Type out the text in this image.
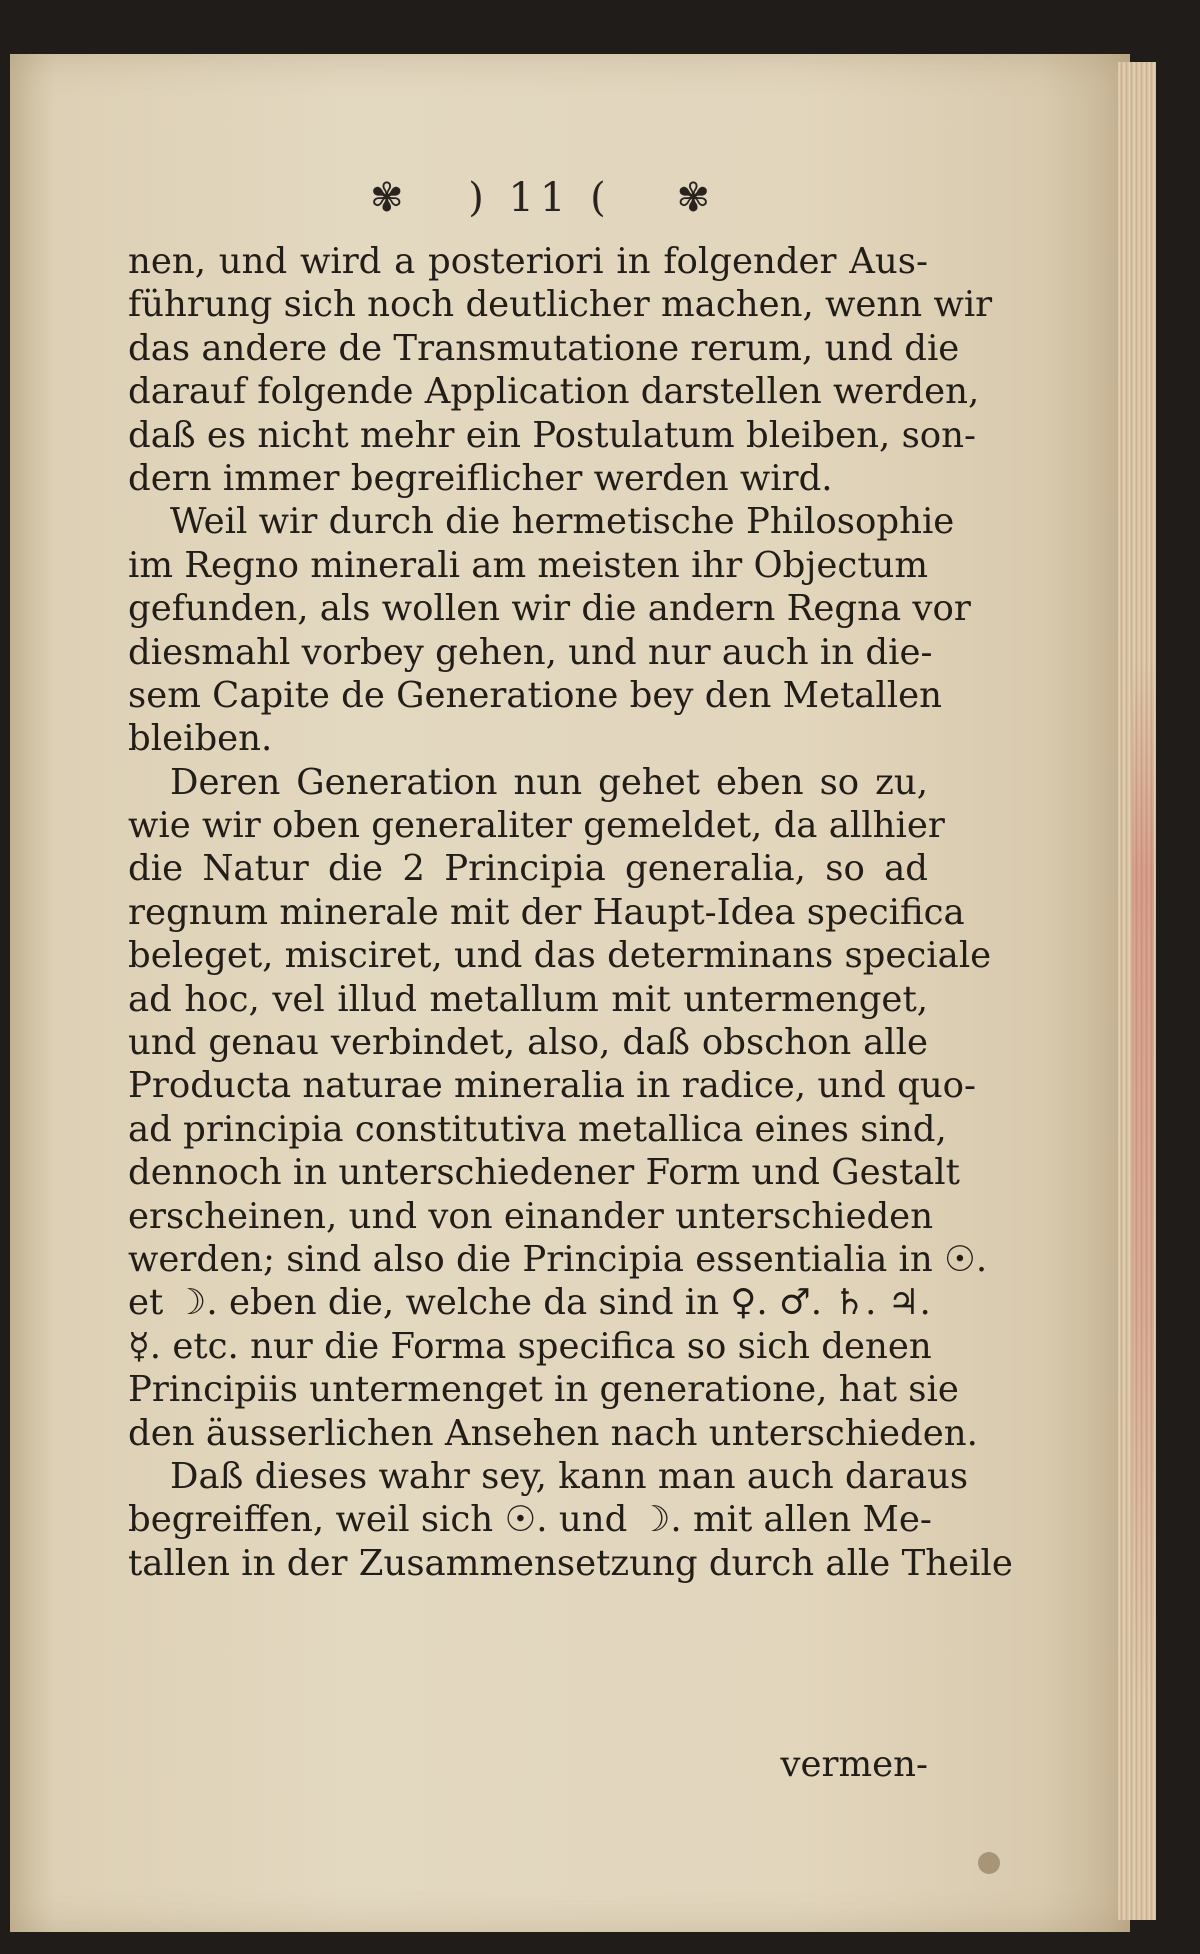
✾ ) 11 ( ✾
nen, und wird a posteriori in folgender Aus-
führung sich noch deutlicher machen, wenn wir
das andere de Transmutatione rerum, und die
darauf folgende Application darstellen werden,
daß es nicht mehr ein Postulatum bleiben, son-
dern immer begreiflicher werden wird.
Weil wir durch die hermetische Philosophie
im Regno minerali am meisten ihr Objectum
gefunden, als wollen wir die andern Regna vor
diesmahl vorbey gehen, und nur auch in die-
sem Capite de Generatione bey den Metallen
bleiben.
Deren Generation nun gehet eben so zu,
wie wir oben generaliter gemeldet, da allhier
die Natur die 2 Principia generalia, so ad
regnum minerale mit der Haupt-Idea specifica
beleget, misciret, und das determinans speciale
ad hoc, vel illud metallum mit untermenget,
und genau verbindet, also, daß obschon alle
Producta naturae mineralia in radice, und quo-
ad principia constitutiva metallica eines sind,
dennoch in unterschiedener Form und Gestalt
erscheinen, und von einander unterschieden
werden; sind also die Principia essentialia in ☉.
et ☽. eben die, welche da sind in ♀. ♂. ♄. ♃.
☿. etc. nur die Forma specifica so sich denen
Principiis untermenget in generatione, hat sie
den äusserlichen Ansehen nach unterschieden.
Daß dieses wahr sey, kann man auch daraus
begreiffen, weil sich ☉. und ☽. mit allen Me-
tallen in der Zusammensetzung durch alle Theile
vermen-
